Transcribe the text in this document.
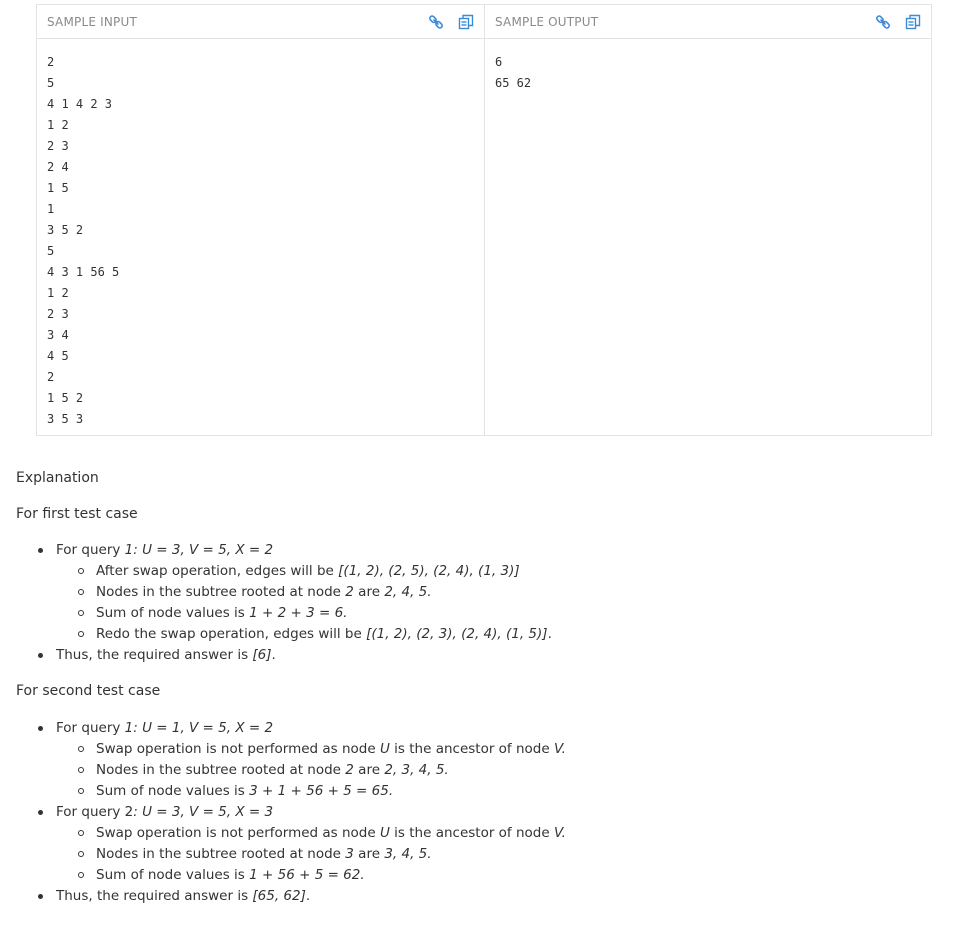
SAMPLE INPUT
2
5
4 1 4 2 3
1 2
2 3
2 4
1 5
1
3 5 2
5
4 3 1 56 5
1 2
2 3
3 4
4 5
2
1 5 2
3 5 3
SAMPLE OUTPUT
6
65 62

Explanation

For first test case

For query 1: U = 3, V = 5, X = 2
After swap operation, edges will be [(1, 2), (2, 5), (2, 4), (1, 3)]
Nodes in the subtree rooted at node 2 are 2, 4, 5.
Sum of node values is 1 + 2 + 3 = 6.
Redo the swap operation, edges will be [(1, 2), (2, 3), (2, 4), (1, 5)].
Thus, the required answer is [6].

For second test case

For query 1: U = 1, V = 5, X = 2
Swap operation is not performed as node U is the ancestor of node V.
Nodes in the subtree rooted at node 2 are 2, 3, 4, 5.
Sum of node values is 3 + 1 + 56 + 5 = 65.
For query 2: U = 3, V = 5, X = 3
Swap operation is not performed as node U is the ancestor of node V.
Nodes in the subtree rooted at node 3 are 3, 4, 5.
Sum of node values is 1 + 56 + 5 = 62.
Thus, the required answer is [65, 62].
